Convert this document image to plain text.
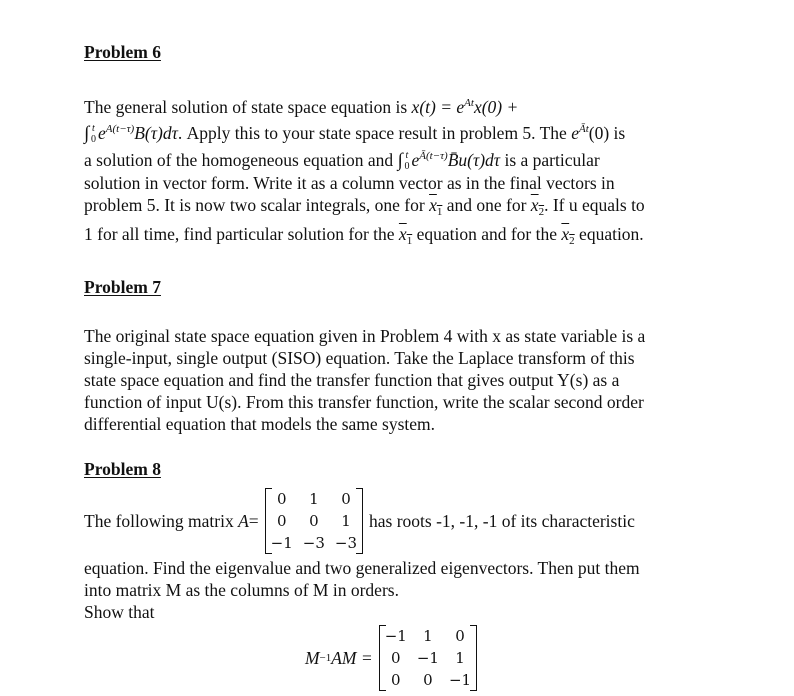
Problem 6

The general solution of state space equation is $x(t) = e^{At}x(0)$ +

∫ t
0 $e^{A(t-\tau)}B(\tau)d\tau$. Apply this to your state space result in problem 5. The $e^{Āt}(0)$ is

a solution of the homogeneous equation and ∫ t
0 $e^{Ā(t-\tau)}B̄u(\tau)d\tau$ is a particular

solution in vector form. Write it as a column vector as in the final vectors in

problem 5. It is now two scalar integrals, one for $\overline{x}_1$ and one for $\overline{x}_2$. If u equals to

1 for all time, find particular solution for the $\overline{x}_1$ equation and for the $\overline{x}_2$ equation.

Problem 7

The original state space equation given in Problem 4 with x as state variable is a

single-input, single output (SISO) equation. Take the Laplace transform of this

state space equation and find the transfer function that gives output Y(s) as a

function of input U(s). From this transfer function, write the scalar second order

differential equation that models the same system.

Problem 8

The following matrix
A =
0	1	0
0	0	1
−1 −3 −3
has roots -1, -1, -1 of its characteristic

equation. Find the eigenvalue and two generalized eigenvectors. Then put them

into matrix M as the columns of M in orders.

Show that

M −1 AM =
−1	1	0
0	−1	1
0	0	−1
